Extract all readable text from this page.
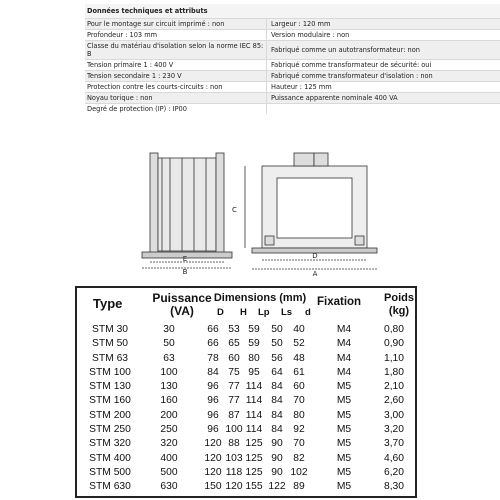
Données techniques et attributs
Pour le montage sur circuit imprimé : non	Largeur : 120 mm
Profondeur : 103 mm	Version modulaire : non
Classe du matériau d'isolation selon la norme IEC 85: B	Fabriqué comme un autotransformateur: non
Tension primaire 1 : 400 V	Fabriqué comme transformateur de sécurité: oui
Tension secondaire 1 : 230 V	Fabriqué comme transformateur d'isolation : non
Protection contre les courts-circuits : non	Hauteur : 125 mm
Noyau torique : non	Puissance apparente nominale 400 VA
Degré de protection (IP) : IP00
E
B
C
D
A
Type	Puissance
(VA)
Dimensions (mm)
D H Lp Ls d
Fixation Poids
(kg)
STM 30	30	66 53 59	50	40	M4	0,80
STM 50	50	66 65 59	50	52	M4	0,90
STM 63	63	78 60 80	56	48	M4	1,10
STM 100	100	84 75 95	64	61	M4	1,80
STM 130	130	96 77 114 84	60	M5	2,10
STM 160	160	96 77 114 84	70	M5	2,60
STM 200	200	96 87 114 84	80	M5	3,00
STM 250	250	96 100 114 84	92	M5	3,20
STM 320	320	120 88 125 90	70	M5	3,70
STM 400	400	120 103 125 90	82	M5	4,60
STM 500	500	120 118 125 90 102	M5	6,20
STM 630	630	150 120 155 122 89	M5	8,30
